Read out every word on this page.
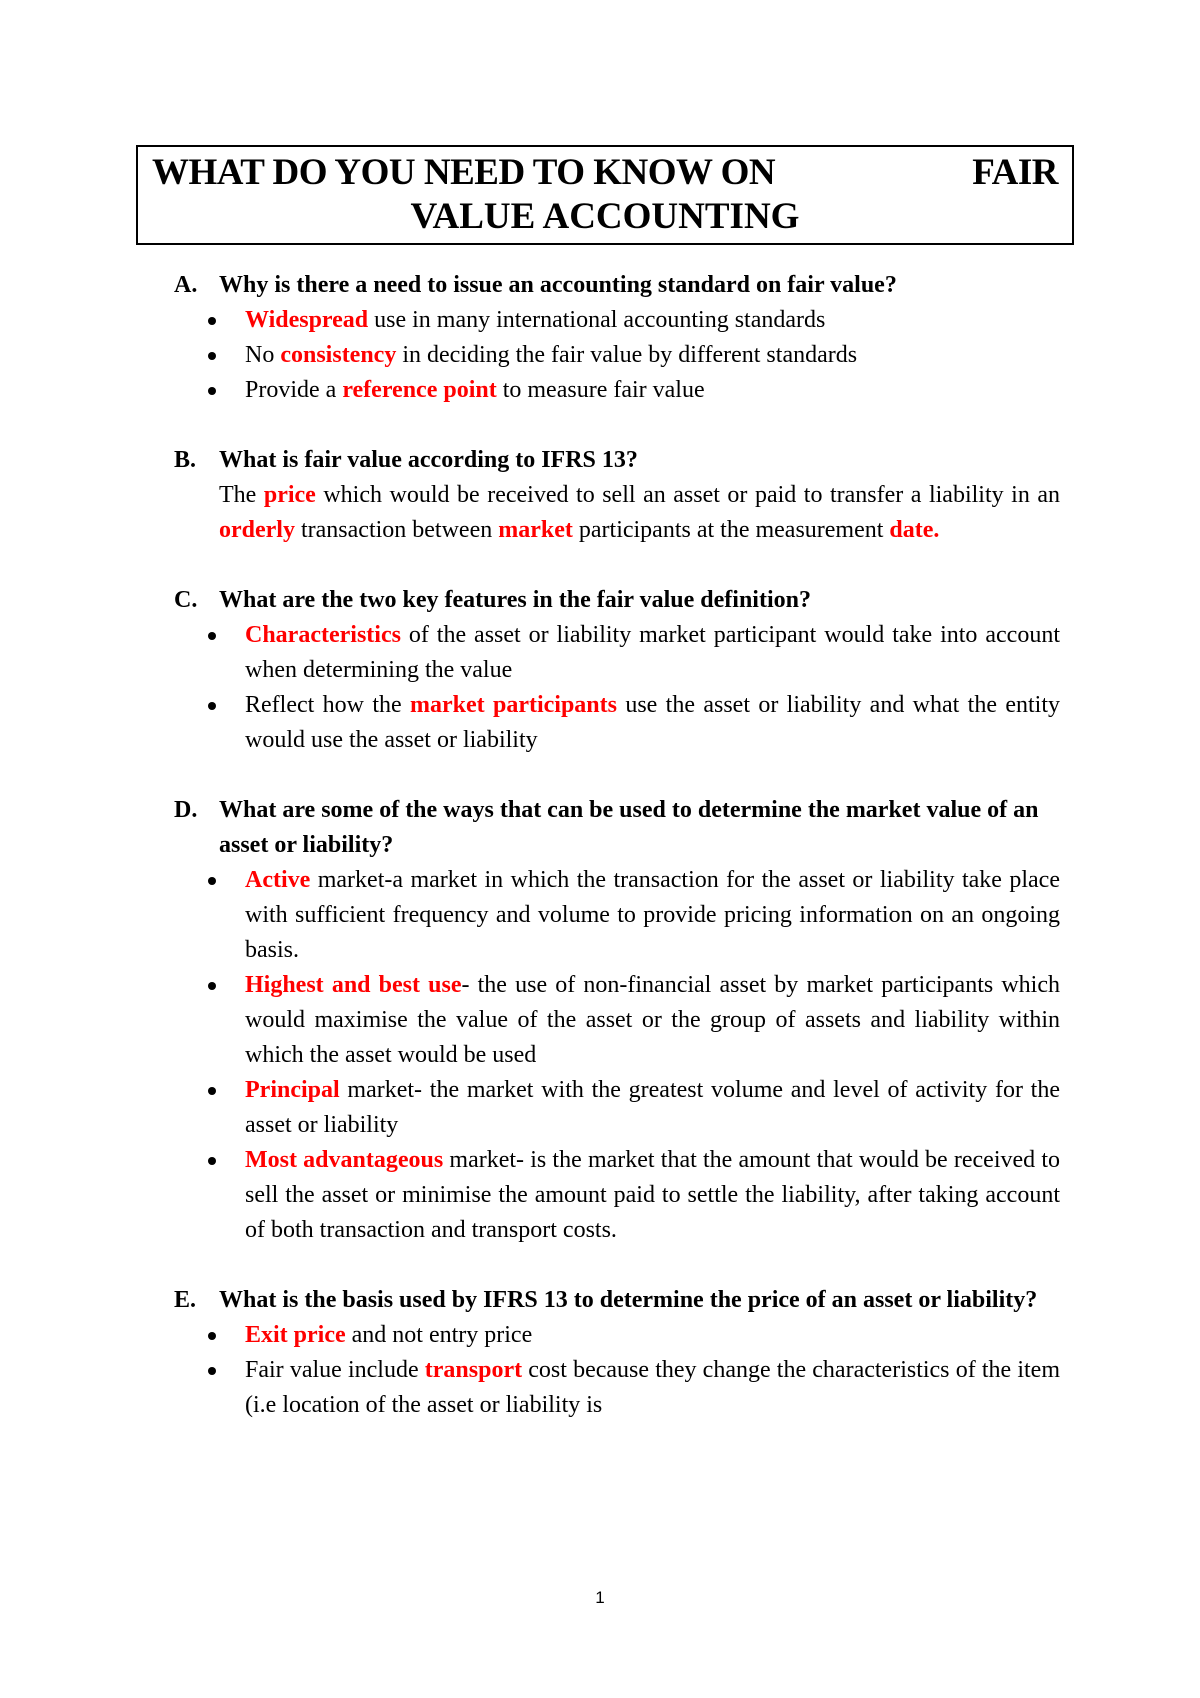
WHAT DO YOU NEED TO KNOW ON	FAIR
VALUE ACCOUNTING

A. Why is there a need to issue an accounting standard on fair value?

Widespread use in many international accounting standards
No consistency in deciding the fair value by different standards
Provide a reference point to measure fair value

B. What is fair value according to IFRS 13?

The price which would be received to sell an asset or paid to transfer a liability in an orderly transaction between market participants at the measurement date.

C. What are the two key features in the fair value definition?

Characteristics of the asset or liability market participant would take into account when determining the value
Reflect how the market participants use the asset or liability and what the entity would use the asset or liability

D. What are some of the ways that can be used to determine the market value of an asset or liability?

Active market-a market in which the transaction for the asset or liability take place with sufficient frequency and volume to provide pricing information on an ongoing basis.
Highest and best use- the use of non-financial asset by market participants which would maximise the value of the asset or the group of assets and liability within which the asset would be used
Principal market- the market with the greatest volume and level of activity for the asset or liability
Most advantageous market- is the market that the amount that would be received to sell the asset or minimise the amount paid to settle the liability, after taking account of both transaction and transport costs.

E. What is the basis used by IFRS 13 to determine the price of an asset or liability?

Exit price and not entry price
Fair value include transport cost because they change the characteristics of the item (i.e location of the asset or liability is
1
